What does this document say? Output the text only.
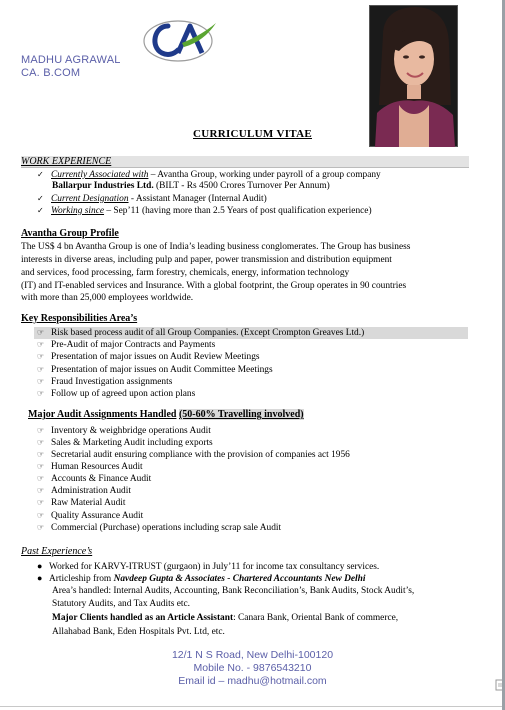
MADHU AGRAWAL
CA. B.COM
CURRICULUM VITAE
WORK EXPERIENCE
✓ Currently Associated with – Avantha Group, working under payroll of a group company
Ballarpur Industries Ltd. (BILT - Rs 4500 Crores Turnover Per Annum)
✓ Current Designation - Assistant Manager (Internal Audit)
✓ Working since – Sep’11 (having more than 2.5 Years of post qualification experience)
Avantha Group Profile
The US$ 4 bn Avantha Group is one of India’s leading business conglomerates. The Group has business
interests in diverse areas, including pulp and paper, power transmission and distribution equipment
and services, food processing, farm forestry, chemicals, energy, information technology
(IT) and IT-enabled services and Insurance. With a global footprint, the Group operates in 90 countries
with more than 25,000 employees worldwide.
Key Responsibilities Area’s
☞ Risk based process audit of all Group Companies. (Except Crompton Greaves Ltd.)
☞ Pre-Audit of major Contracts and Payments
☞ Presentation of major issues on Audit Review Meetings
☞ Presentation of major issues on Audit Committee Meetings
☞ Fraud Investigation assignments
☞ Follow up of agreed upon action plans
Major Audit Assignments Handled (50-60% Travelling involved)
☞ Inventory & weighbridge operations Audit
☞ Sales & Marketing Audit including exports
☞ Secretarial audit ensuring compliance with the provision of companies act 1956
☞ Human Resources Audit
☞ Accounts & Finance Audit
☞ Administration Audit
☞ Raw Material Audit
☞ Quality Assurance Audit
☞ Commercial (Purchase) operations including scrap sale Audit
Past Experience’s
● Worked for KARVY-ITRUST (gurgaon) in July’11 for income tax consultancy services.
● Articleship from Navdeep Gupta & Associates - Chartered Accountants New Delhi
Area’s handled: Internal Audits, Accounting, Bank Reconciliation’s, Bank Audits, Stock Audit’s,
Statutory Audits, and Tax Audits etc.
Major Clients handled as an Article Assistant: Canara Bank, Oriental Bank of commerce,
Allahabad Bank, Eden Hospitals Pvt. Ltd, etc.
12/1 N S Road, New Delhi-100120
Mobile No. - 9876543210
Email id – madhu@hotmail.com
